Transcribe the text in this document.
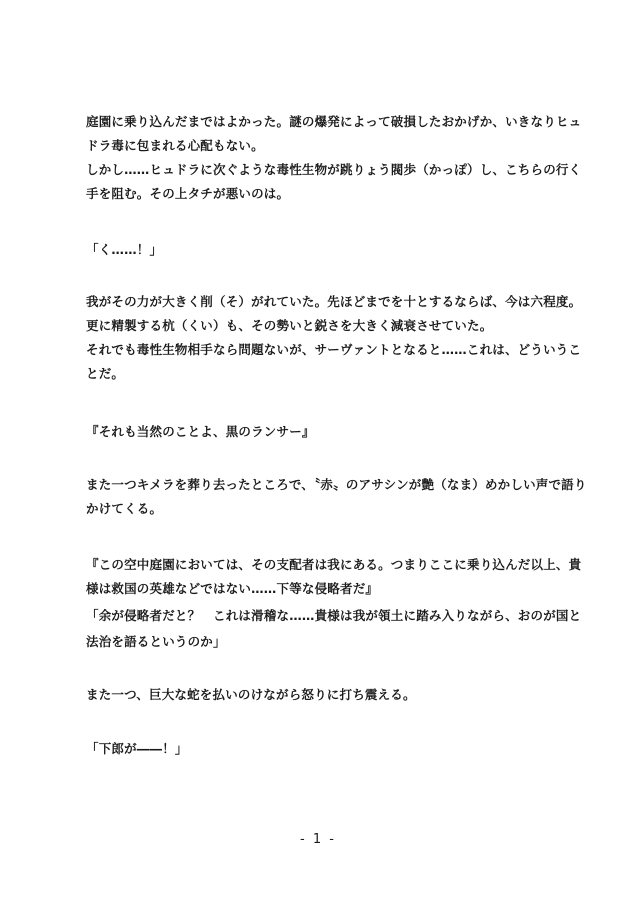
庭園に乗り込んだまではよかった。謎の爆発によって破損したおかげか、いきなりヒュ
ドラ毒に包まれる心配もない。
しかし……ヒュドラに次ぐような毒性生物が跳りょう閥歩（かっぽ）し、こちらの行く
手を阻む。その上タチが悪いのは。
「く……！」
我がその力が大きく削（そ）がれていた。先ほどまでを十とするならば、今は六程度。
更に精製する杭（くい）も、その勢いと鋭さを大きく減衰させていた。
それでも毒性生物相手なら問題ないが、サーヴァントとなると……これは、どういうこ
とだ。
『それも当然のことよ、黒のランサー』
また一つキメラを葬り去ったところで、〝赤〟のアサシンが艶（なま）めかしい声で語り
かけてくる。
『この空中庭園においては、その支配者は我にある。つまりここに乗り込んだ以上、貴
様は救国の英雄などではない……下等な侵略者だ』
「余が侵略者だと？　これは滑稽な……貴様は我が領土に踏み入りながら、おのが国と
法治を語るというのか」
また一つ、巨大な蛇を払いのけながら怒りに打ち震える。
「下郎が――！」
- 1 -
